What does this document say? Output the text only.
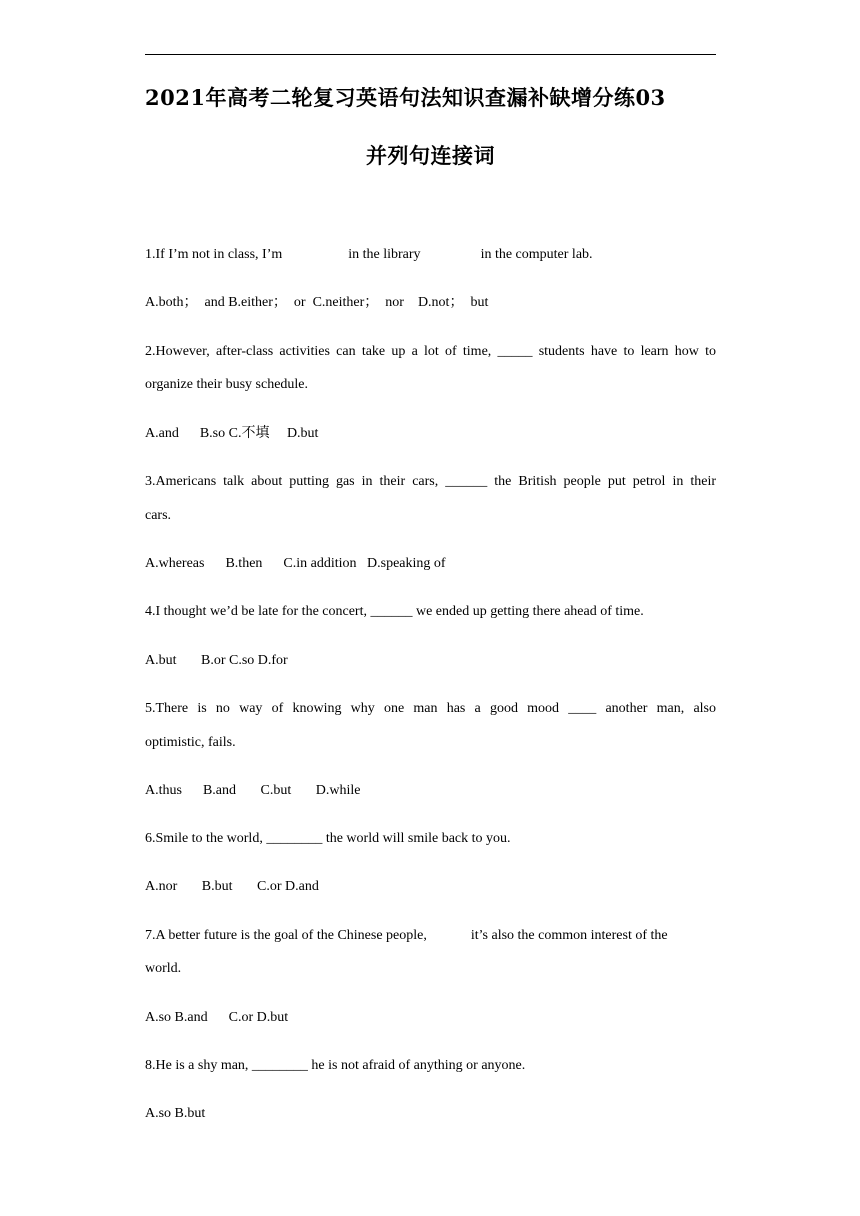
2021年高考二轮复习英语句法知识查漏补缺增分练03
并列句连接词
1.If I’m not in class, I’m	in the library	in the computer lab.
A.both；  and B.either；  or  C.neither；  nor    D.not；  but
2.However, after-class activities can take up a lot of time, _____ students have to learn how to
organize their busy schedule.
A.and      B.so C.不填     D.but
3.Americans talk about putting gas in their cars, ______ the British people put petrol in their
cars.
A.whereas      B.then      C.in addition   D.speaking of
4.I thought we’d be late for the concert, ______ we ended up getting there ahead of time.
A.but       B.or C.so D.for
5.There is no way of knowing why one man has a good mood ____ another man, also
optimistic, fails.
A.thus      B.and       C.but       D.while
6.Smile to the world, ________ the world will smile back to you.
A.nor       B.but       C.or D.and
7.A better future is the goal of the Chinese people,	it’s also the common interest of the
world.
A.so B.and      C.or D.but
8.He is a shy man, ________ he is not afraid of anything or anyone.
A.so B.but
